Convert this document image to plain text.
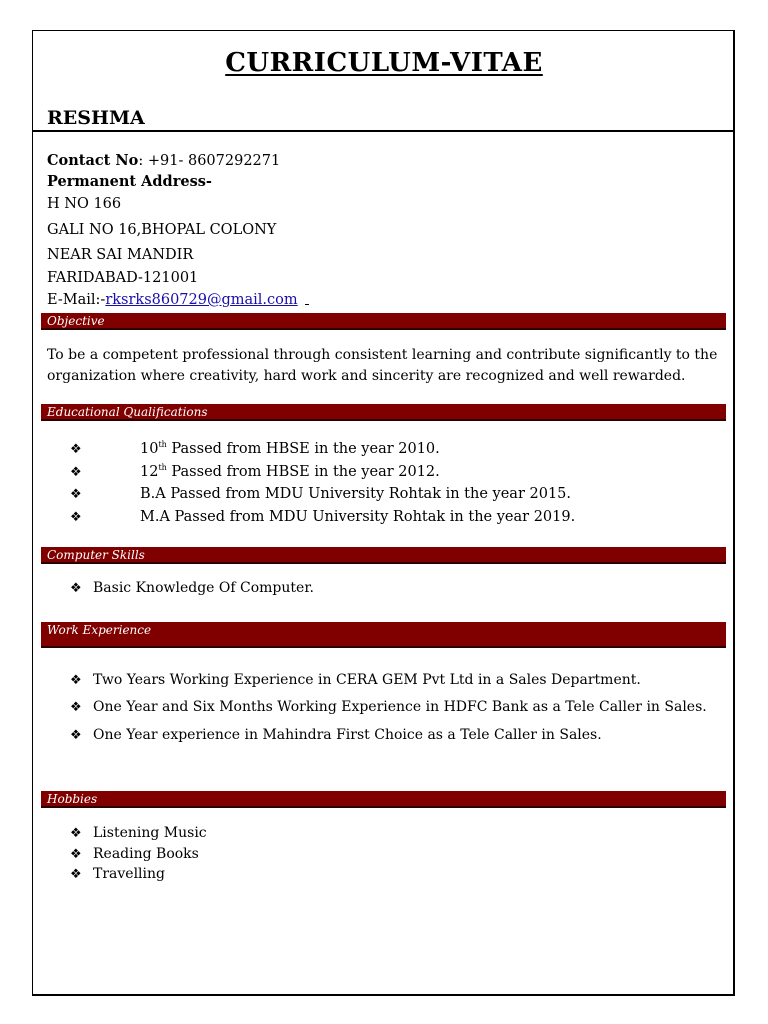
CURRICULUM-VITAE
RESHMA
Contact No: +91- 8607292271
Permanent Address-
H NO 166
GALI NO 16,BHOPAL COLONY
NEAR SAI MANDIR
FARIDABAD-121001
E-Mail:-rksrks860729@gmail.com
Objective
To be a competent professional through consistent learning and contribute significantly to the organization where creativity, hard work and sincerity are recognized and well rewarded.
Educational Qualifications
❖	10th Passed from HBSE in the year 2010.
❖	12th Passed from HBSE in the year 2012.
❖	B.A Passed from MDU University Rohtak in the year 2015.
❖	M.A Passed from MDU University Rohtak in the year 2019.
Computer Skills
❖ Basic Knowledge Of Computer.
Work Experience
❖ Two Years Working Experience in CERA GEM Pvt Ltd in a Sales Department.
❖ One Year and Six Months Working Experience in HDFC Bank as a Tele Caller in Sales.
❖ One Year experience in Mahindra First Choice as a Tele Caller in Sales.
Hobbies
❖ Listening Music
❖ Reading Books
❖ Travelling
